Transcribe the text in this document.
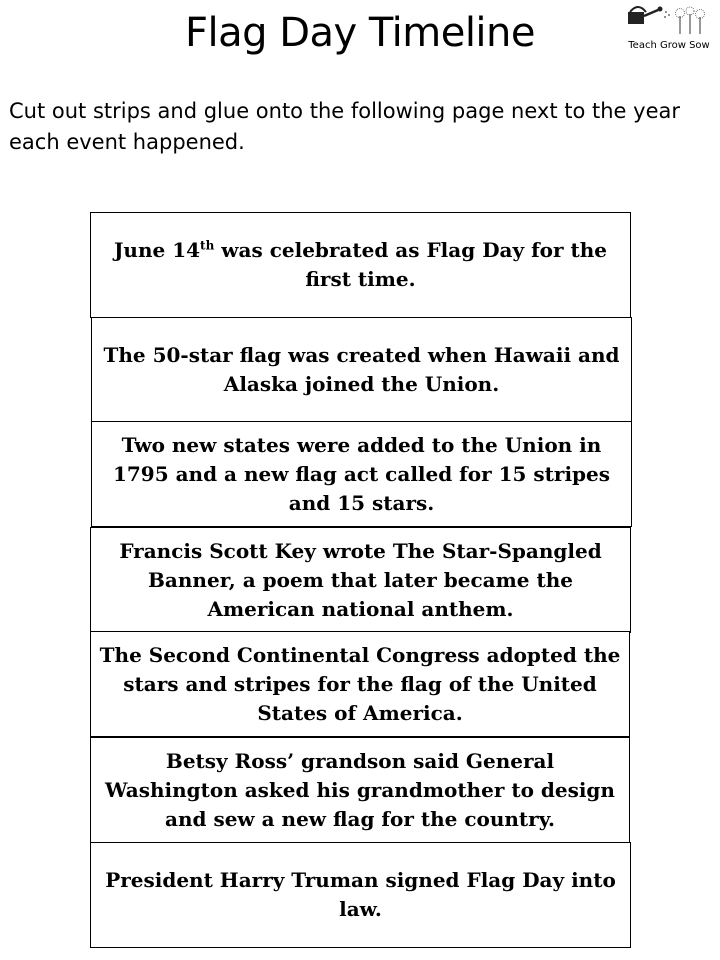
Flag Day Timeline	Teach Grow Sow
Cut out strips and glue onto the following page next to the year each event happened.
June 14th was celebrated as Flag Day for the first time.
The 50-star flag was created when Hawaii and Alaska joined the Union.
Two new states were added to the Union in 1795 and a new flag act called for 15 stripes and 15 stars.
Francis Scott Key wrote The Star-Spangled Banner, a poem that later became the American national anthem.
The Second Continental Congress adopted the stars and stripes for the flag of the United States of America.
Betsy Ross’ grandson said General Washington asked his grandmother to design and sew a new flag for the country.
President Harry Truman signed Flag Day into law.
